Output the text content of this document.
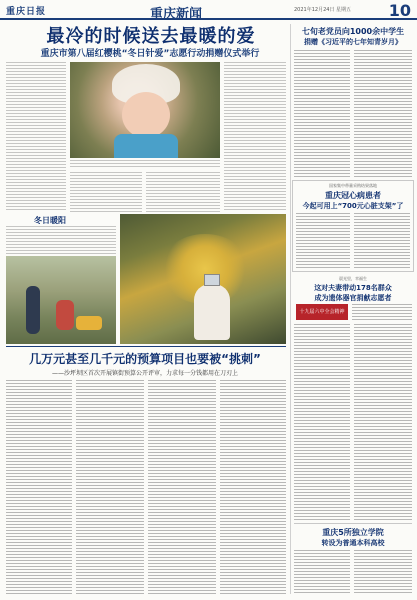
重庆日报	重庆新闻	2021年12月24日 星期五	10
最冷的时候送去最暖的爱
重庆市第八届红樱桃“冬日针爱”志愿行动捐赠仪式举行
冬日暖阳
几万元甚至几千元的预算项目也要被“挑刺”
——沙坪坝区首次开展镇街预算公开评审，力求每一分钱都用在刀刃上
七旬老党员向1000余中学生
捐赠《习近平的七年知青岁月》
国家集中带量采购结果落地
重庆冠心病患者
今起可用上“700元心脏支架”了
晨光里，幸福生
这对夫妻带动178名群众
成为遗体器官捐献志愿者
十九届六中全会精神
重庆5所独立学院
转设为普通本科高校
